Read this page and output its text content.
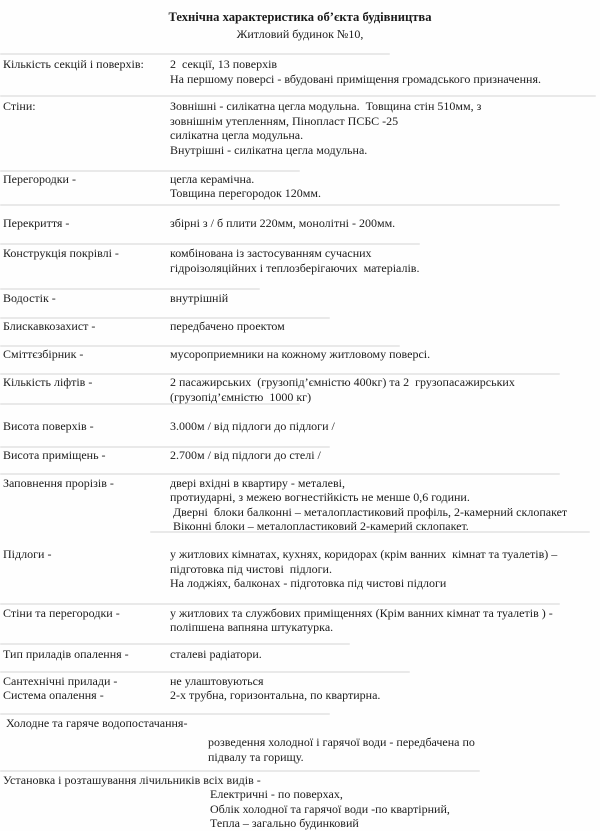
Технічна характеристика об’єкта будівництва
Житловий будинок №10,
Кількість секцій і поверхів:	2  секції, 13 поверхів
На першому поверсі - вбудовані приміщення громадського призначення.
Стіни:	Зовнішні - силікатна цегла модульна.  Товщина стін 510мм, з
зовнішнім утепленням, Пінопласт ПСБС -25
силікатна цегла модульна.
Внутрішні - силікатна цегла модульна.
Перегородки -	цегла керамічна.
Товщина перегородок 120мм.
Перекриття -	збірні з / б плити 220мм, монолітні - 200мм.
Конструкція покрівлі -	комбінована із застосуванням сучасних
гідроізоляційних і теплозберігаючих  матеріалів.
Водостік -	внутрішній
Блискавкозахист -	передбачено проектом
Сміттєзбірник -	мусороприемники на кожному житловому поверсі.
Кількість ліфтів -	2 пасажирських  (грузопід’ємністю 400кг) та 2  грузопасажирських
(грузопід’ємністю  1000 кг)
Висота поверхів -	3.000м / від підлоги до підлоги /
Висота приміщень -	2.700м / від підлоги до стелі /
Заповнення прорізів -	двері вхідні в квартиру - металеві,
протиударні, з межею вогнестійкість не менше 0,6 години.
Дверні  блоки балконні – металопластиковий профіль, 2-камерний склопакет
Віконні блоки – металопластиковий 2-камерий склопакет.
Підлоги -	у житлових кімнатах, кухнях, коридорах (крім ванних  кімнат та туалетів) –
підготовка під чистові  підлоги.
На лоджіях, балконах - підготовка під чистові підлоги
Стіни та перегородки -	у житлових та службових приміщеннях (Крім ванних кімнат та туалетів ) -
поліпшена вапняна штукатурка.
Тип приладів опалення -	сталеві радіатори.
Сантехнічні прилади -	не улаштовуються
Система опалення -	2-х трубна, горизонтальна, по квартирна.
Холодне та гаряче водопостачання-
розведення холодної і гарячої води - передбачена по
підвалу та горищу.
Установка і розташування лічильників всіх видів -
Електричні - по поверхах,
Облік холодної та гарячої води -по квартірний,
Тепла – загально будинковий
